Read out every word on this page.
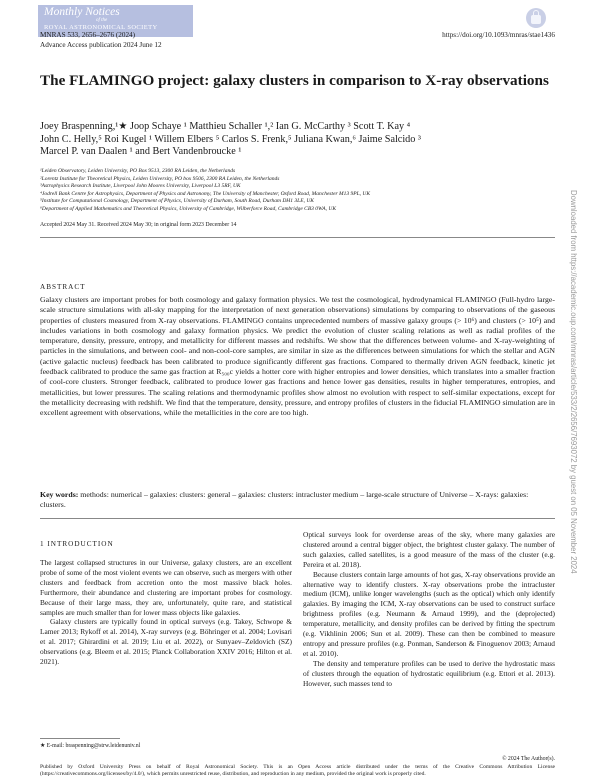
Monthly Notices
of the
ROYAL ASTRONOMICAL SOCIETY
MNRAS 533, 2656–2676 (2024)	https://doi.org/10.1093/mnras/stae1436
Advance Access publication 2024 June 12
The FLAMINGO project: galaxy clusters in comparison to X-ray observations
Joey Braspenning,¹★ Joop Schaye ¹ Matthieu Schaller ¹,² Ian G. McCarthy ³ Scott T. Kay ⁴
John C. Helly,⁵ Roi Kugel ¹ Willem Elbers ⁵ Carlos S. Frenk,⁵ Juliana Kwan,⁶ Jaime Salcido ³
Marcel P. van Daalen ¹ and Bert Vandenbroucke ¹
¹Leiden Observatory, Leiden University, PO Box 9513, 2300 RA Leiden, the Netherlands
²Lorentz Institute for Theoretical Physics, Leiden University, PO box 9506, 2300 RA Leiden, the Netherlands
³Astrophysics Research Institute, Liverpool John Moores University, Liverpool L3 5RF, UK
⁴Jodrell Bank Centre for Astrophysics, Department of Physics and Astronomy, The University of Manchester, Oxford Road, Manchester M13 9PL, UK
⁵Institute for Computational Cosmology, Department of Physics, University of Durham, South Road, Durham DH1 3LE, UK
⁶Department of Applied Mathematics and Theoretical Physics, University of Cambridge, Wilberforce Road, Cambridge CB3 0WA, UK
Accepted 2024 May 31. Received 2024 May 30; in original form 2023 December 14
ABSTRACT
Galaxy clusters are important probes for both cosmology and galaxy formation physics. We test the cosmological, hydrodynamical FLAMINGO (Full-hydro large-scale structure simulations with all-sky mapping for the interpretation of next generation observations) simulations by comparing to observations of the gaseous properties of clusters measured from X-ray observations. FLAMINGO contains unprecedented numbers of massive galaxy groups (> 10⁶) and clusters (> 10⁵) and includes variations in both cosmology and galaxy formation physics. We predict the evolution of cluster scaling relations as well as radial profiles of the temperature, density, pressure, entropy, and metallicity for different masses and redshifts. We show that the differences between volume- and X-ray-weighting of particles in the simulations, and between cool- and non-cool-core samples, are similar in size as the differences between simulations for which the stellar and AGN (active galactic nucleus) feedback has been calibrated to produce significantly different gas fractions. Compared to thermally driven AGN feedback, kinetic jet feedback calibrated to produce the same gas fraction at R₅₀₀c yields a hotter core with higher entropies and lower densities, which translates into a smaller fraction of cool-core clusters. Stronger feedback, calibrated to produce lower gas fractions and hence lower gas densities, results in higher temperatures, entropies, and metallicities, but lower pressures. The scaling relations and thermodynamic profiles show almost no evolution with respect to self-similar expectations, except for the metallicity decreasing with redshift. We find that the temperature, density, pressure, and entropy profiles of clusters in the fiducial FLAMINGO simulation are in excellent agreement with observations, while the metallicities in the core are too high.
Key words: methods: numerical – galaxies: clusters: general – galaxies: clusters: intracluster medium – large-scale structure of Universe – X-rays: galaxies: clusters.
1 INTRODUCTION

The largest collapsed structures in our Universe, galaxy clusters, are an excellent probe of some of the most violent events we can observe, such as mergers with other clusters and feedback from accretion onto the most massive black holes. Furthermore, their abundance and clustering are important probes for cosmology. Because of their large mass, they are, unfortunately, quite rare, and statistical samples are much smaller than for lower mass objects like galaxies.

Galaxy clusters are typically found in optical surveys (e.g. Takey, Schwope & Lamer 2013; Rykoff et al. 2014), X-ray surveys (e.g. Böhringer et al. 2004; Lovisari et al. 2017; Ghirardini et al. 2019; Liu et al. 2022), or Sunyaev–Zeldovich (SZ) observations (e.g. Bleem et al. 2015; Planck Collaboration XXIV 2016; Hilton et al. 2021).

Optical surveys look for overdense areas of the sky, where many galaxies are clustered around a central bigger object, the brightest cluster galaxy. The number of such galaxies, called satellites, is a good measure of the mass of the cluster (e.g. Pereira et al. 2018).

Because clusters contain large amounts of hot gas, X-ray observations provide an alternative way to identify clusters. X-ray observations probe the intracluster medium (ICM), unlike longer wavelengths (such as the optical) which only identify galaxies. By imaging the ICM, X-ray observations can be used to construct surface brightness profiles (e.g. Neumann & Arnaud 1999), and the (deprojected) temperature, metallicity, and density profiles can be derived by fitting the spectrum (e.g. Vikhlinin 2006; Sun et al. 2009). These can then be combined to measure entropy and pressure profiles (e.g. Ponman, Sanderson & Finoguenov 2003; Arnaud et al. 2010).

The density and temperature profiles can be used to derive the hydrostatic mass of clusters through the equation of hydrostatic equilibrium (e.g. Ettori et al. 2013). However, such masses tend to

★ E-mail: braspenning@strw.leidenuniv.nl
© 2024 The Author(s).
Published by Oxford University Press on behalf of Royal Astronomical Society. This is an Open Access article distributed under the terms of the Creative Commons Attribution License (https://creativecommons.org/licenses/by/4.0/), which permits unrestricted reuse, distribution, and reproduction in any medium, provided the original work is properly cited.
Downloaded from https://academic.oup.com/mnras/article/533/2/2656/7693072 by guest on 05 November 2024
